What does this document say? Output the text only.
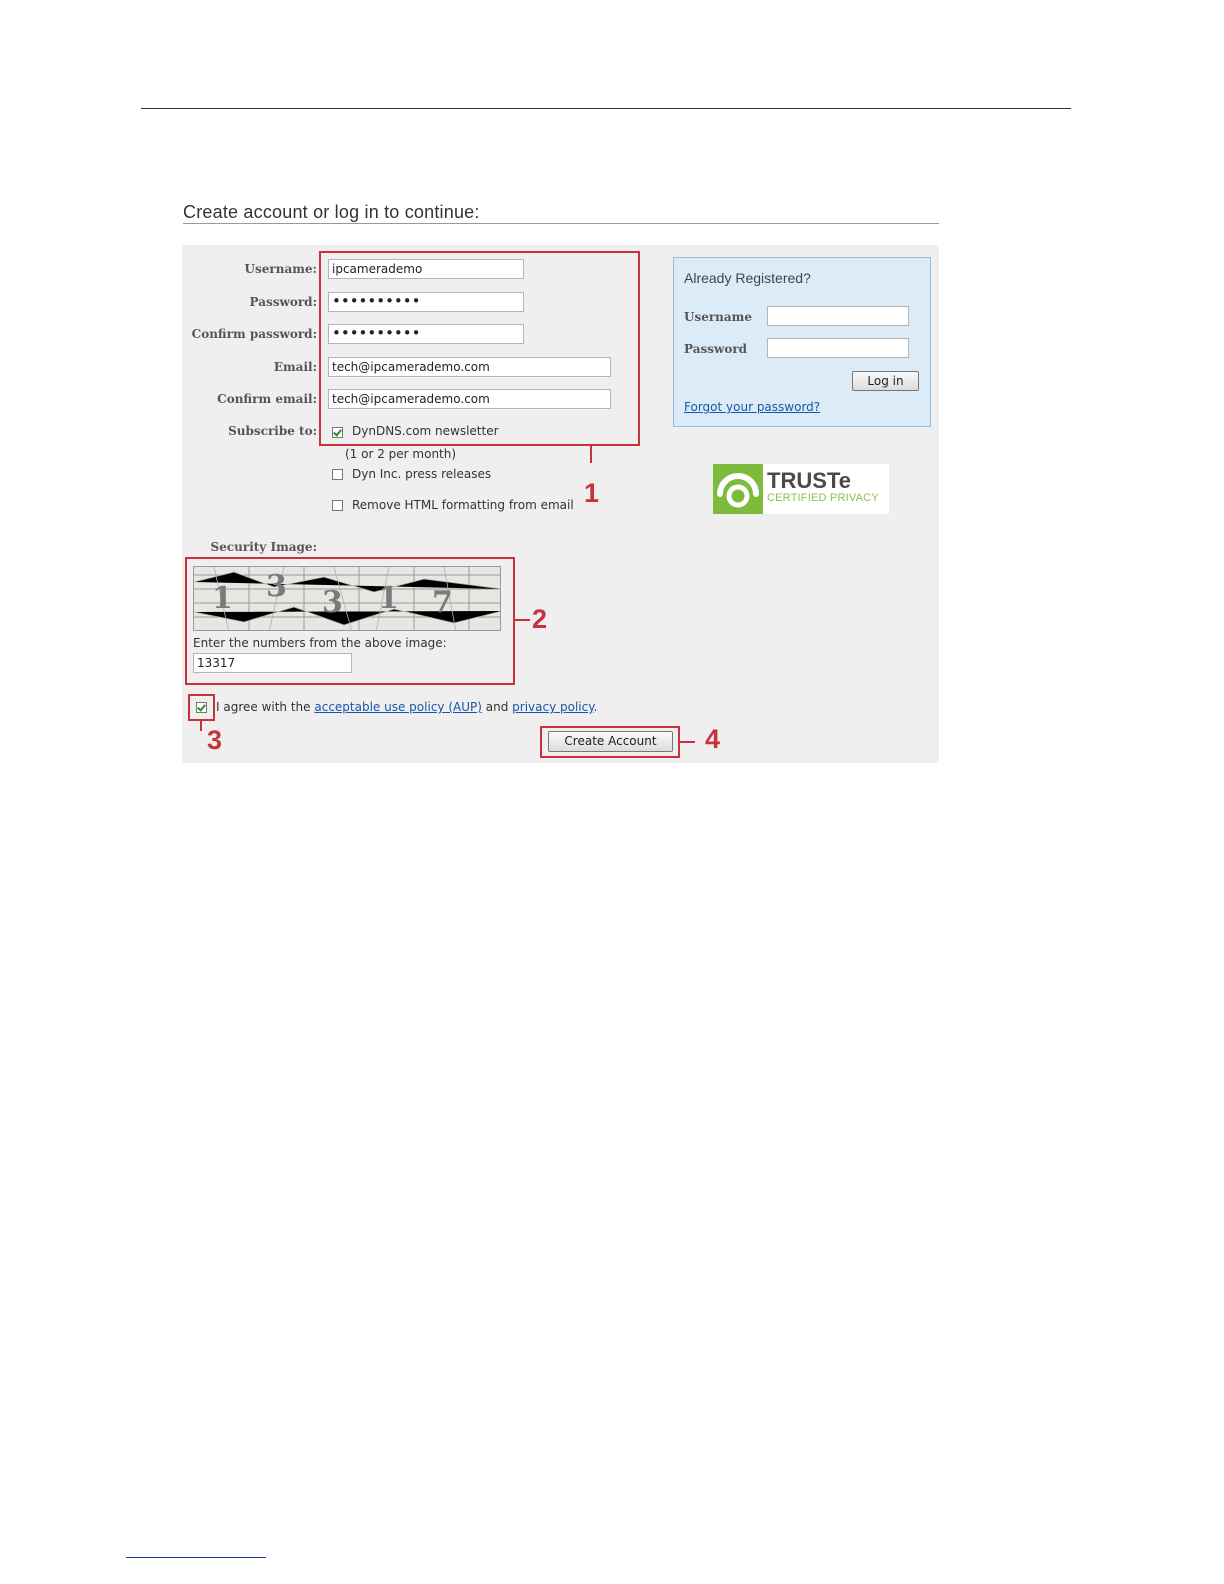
Create account or log in to continue:
Username:
Password:
Confirm password:
Email:
Confirm email:
Subscribe to:
ipcamerademo
••••••••••
••••••••••
tech@ipcamerademo.com
tech@ipcamerademo.com
DynDNS.com newsletter
(1 or 2 per month)
Dyn Inc. press releases
Remove HTML formatting from email 1
Already Registered?
Username
Password
Log in
Forgot your password?
TRUSTe
CERTIFIED PRIVACY
Security Image:
1 3 3 1 7
Enter the numbers from the above image:
13317
2
3
I agree with the acceptable use policy (AUP) and privacy policy.
Create Account	4
